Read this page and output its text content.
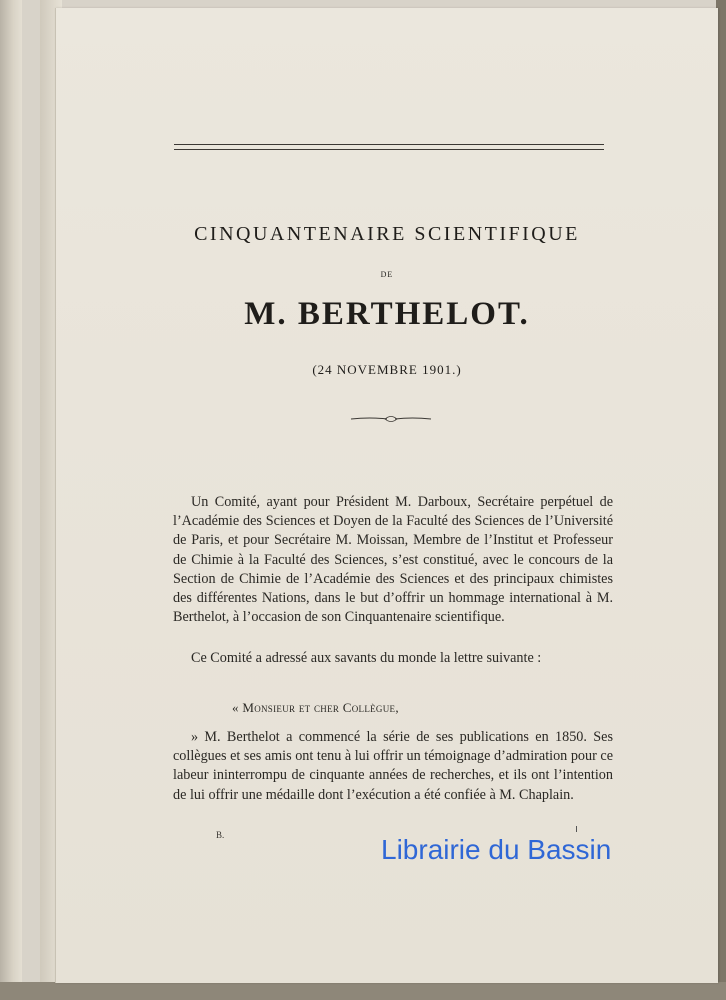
CINQUANTENAIRE SCIENTIFIQUE
DE
M. BERTHELOT.
(24 NOVEMBRE 1901.)
Un Comité, ayant pour Président M. Darboux, Secrétaire perpétuel de l’Académie des Sciences et Doyen de la Faculté des Sciences de l’Université de Paris, et pour Secrétaire M. Moissan, Membre de l’Institut et Professeur de Chimie à la Faculté des Sciences, s’est constitué, avec le concours de la Section de Chimie de l’Académie des Sciences et des principaux chimistes des différentes Nations, dans le but d’offrir un hommage international à M. Berthelot, à l’occasion de son Cinquantenaire scientifique.
Ce Comité a adressé aux savants du monde la lettre suivante :
« Monsieur et cher Collègue,
» M. Berthelot a commencé la série de ses publications en 1850. Ses collègues et ses amis ont tenu à lui offrir un témoignage d’admiration pour ce labeur ininterrompu de cinquante années de recherches, et ils ont l’intention de lui offrir une médaille dont l’exécution a été confiée à M. Chaplain.
B.	Librairie du Bassin
